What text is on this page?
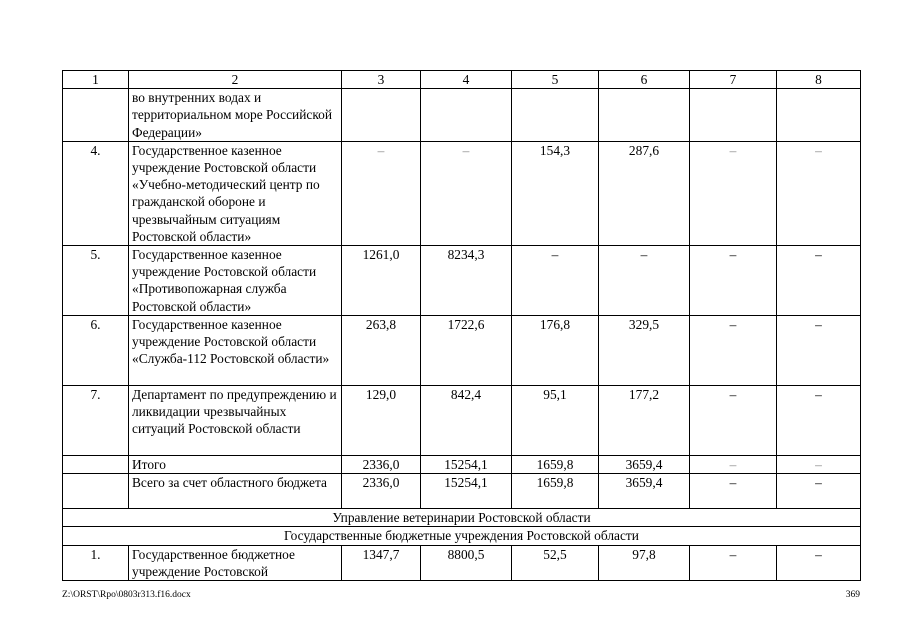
1	2	3	4	5	6	7	8
	во внутренних водах и территориальном море Российской Федерации»						
4.	Государственное казенное учреждение Ростовской области «Учебно-методический центр по гражданской обороне и чрезвычайным ситуациям Ростовской области»	–	–	154,3	287,6	–	–
5.	Государственное казенное учреждение Ростовской области «Противопожарная служба Ростовской области»	1261,0	8234,3	–	–	–	–
6.	Государственное казенное учреждение Ростовской области «Служба-112 Ростовской области»	263,8	1722,6	176,8	329,5	–	–
7.	Департамент по предупреждению и ликвидации чрезвычайных ситуаций Ростовской области	129,0	842,4	95,1	177,2	–	–
	Итого	2336,0	15254,1	1659,8	3659,4	–	–
	Всего за счет областного бюджета	2336,0	15254,1	1659,8	3659,4	–	–
Управление ветеринарии Ростовской области							
Государственные бюджетные учреждения Ростовской области							
1.	Государственное бюджетное учреждение Ростовской	1347,7	8800,5	52,5	97,8	–	–
Z:\ORST\Rpo\0803r313.f16.docx	369
